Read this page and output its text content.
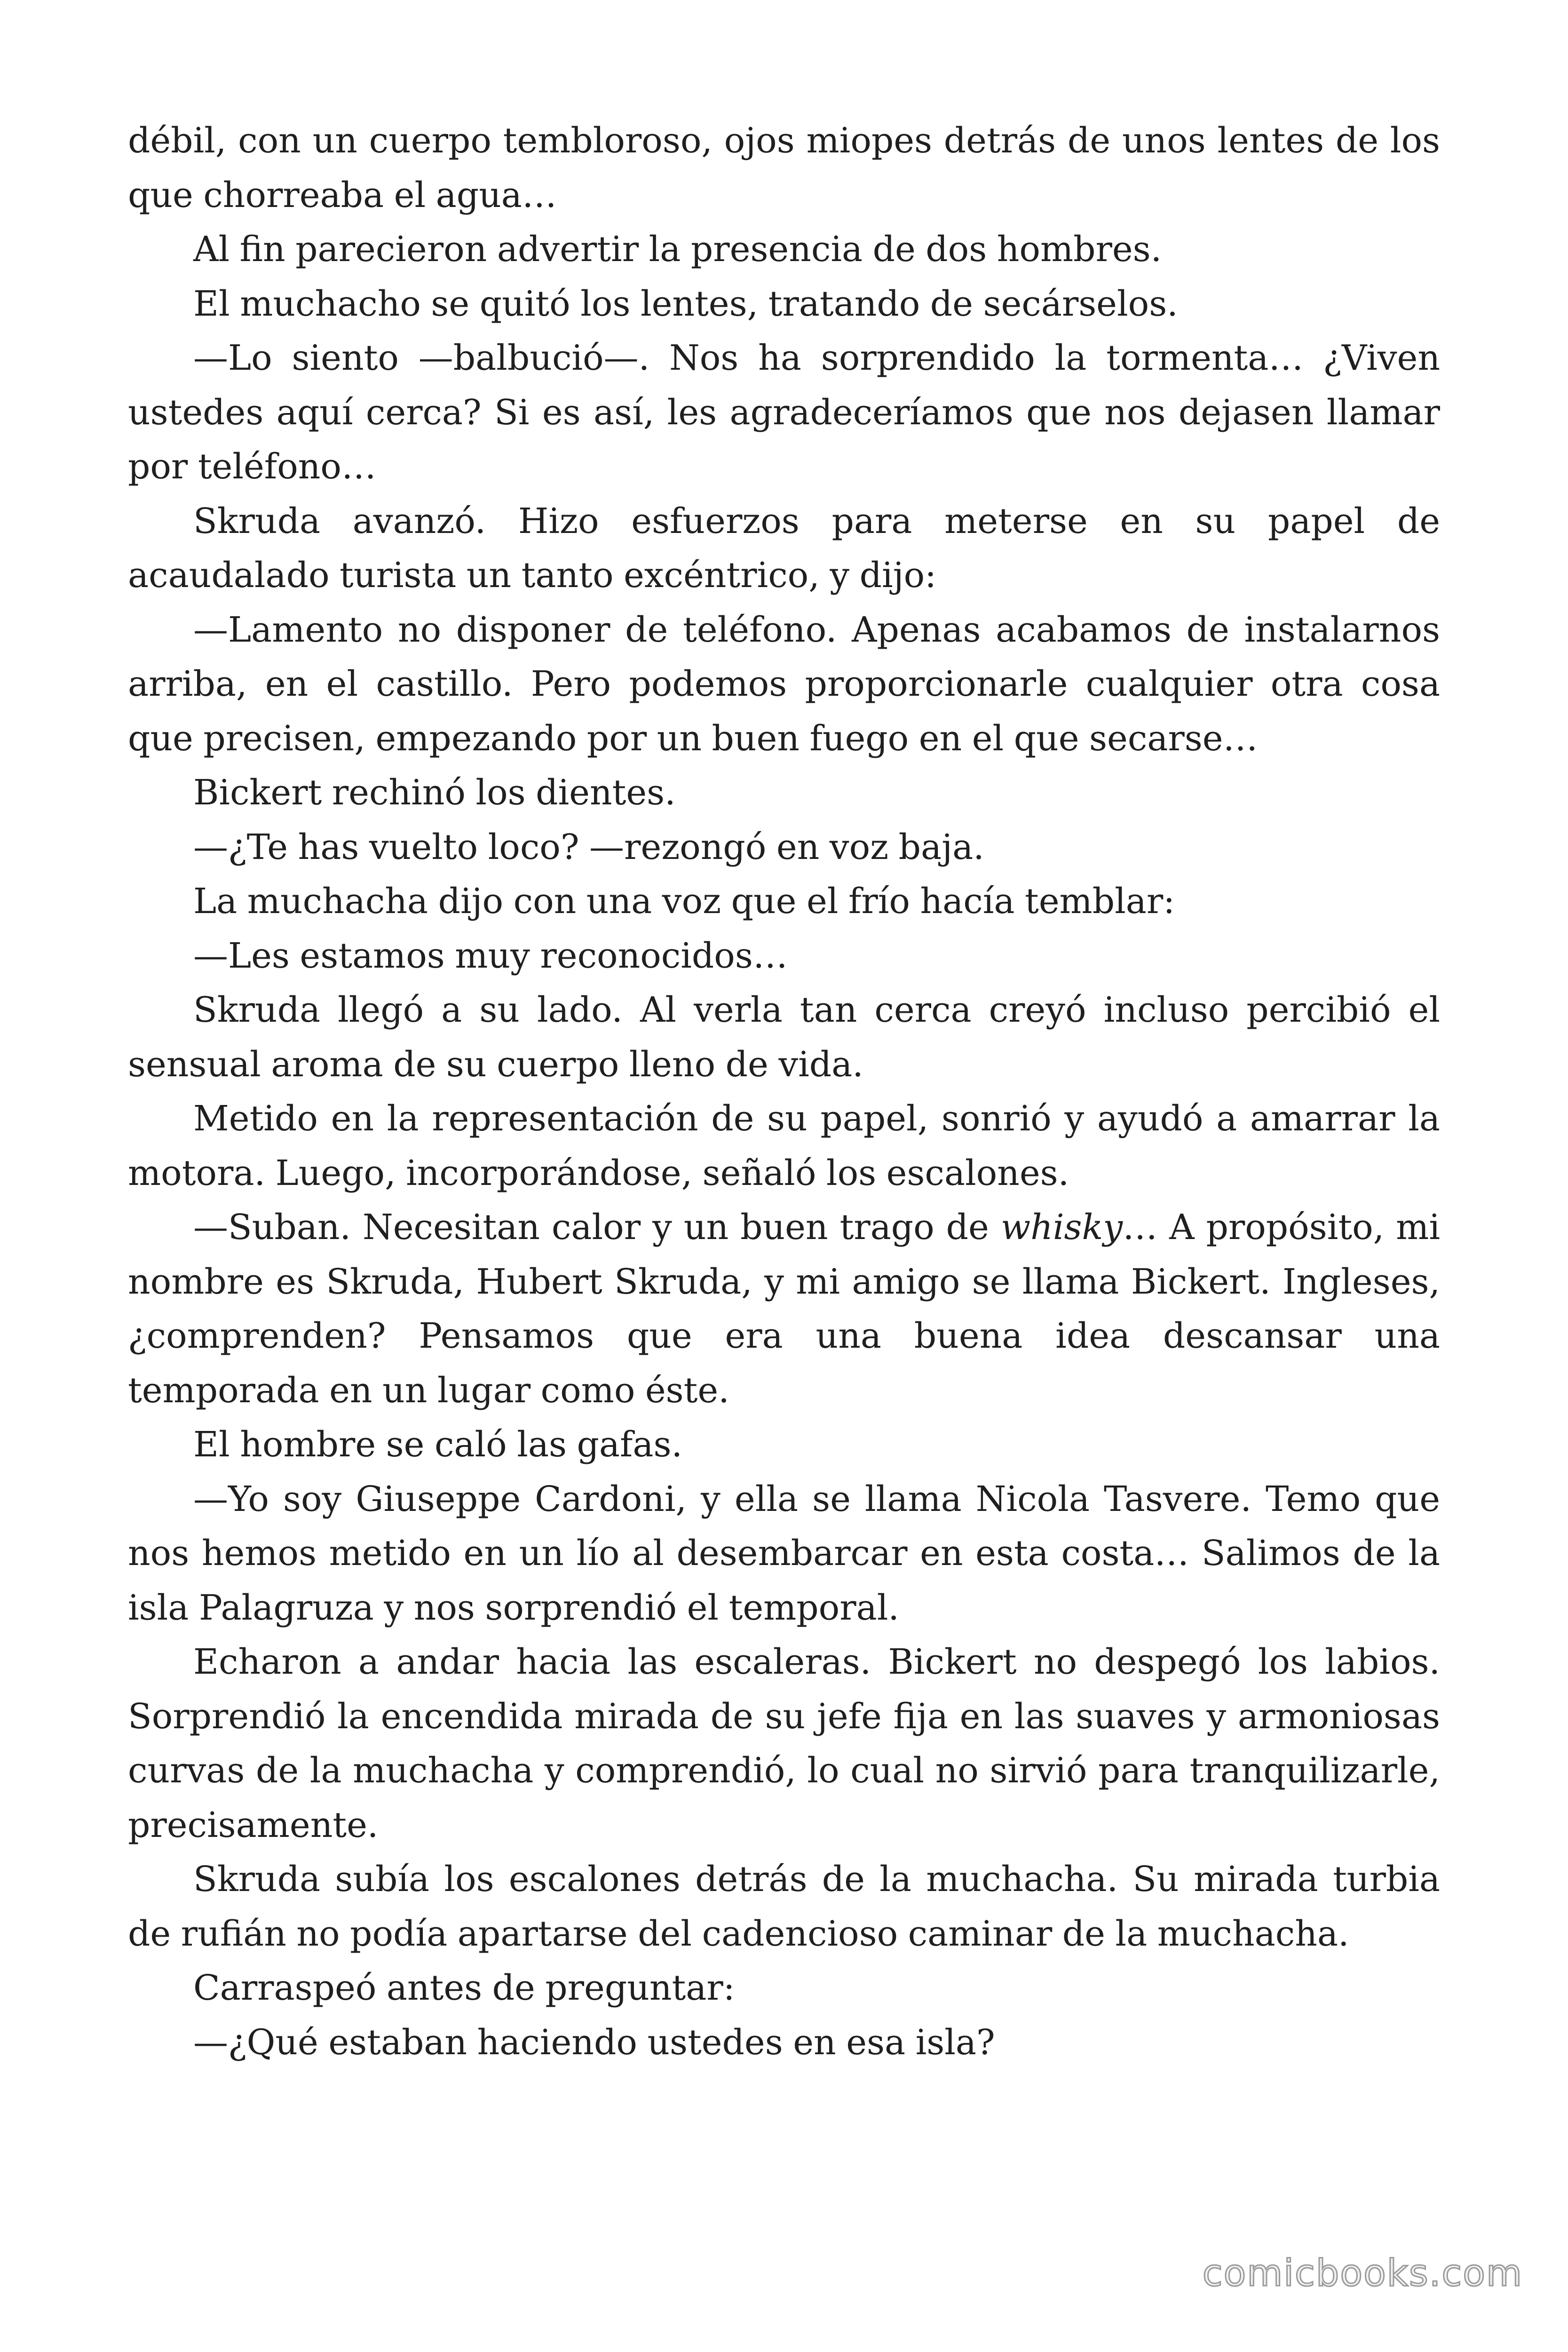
débil, con un cuerpo tembloroso, ojos miopes detrás de unos lentes de los que chorreaba el agua…

Al fin parecieron advertir la presencia de dos hombres.

El muchacho se quitó los lentes, tratando de secárselos.

—Lo siento —balbució—. Nos ha sorprendido la tormenta… ¿Viven ustedes aquí cerca? Si es así, les agradeceríamos que nos dejasen llamar por teléfono…

Skruda avanzó. Hizo esfuerzos para meterse en su papel de acaudalado turista un tanto excéntrico, y dijo:

—Lamento no disponer de teléfono. Apenas acabamos de instalarnos arriba, en el castillo. Pero podemos proporcionarle cualquier otra cosa que precisen, empezando por un buen fuego en el que secarse…

Bickert rechinó los dientes.

—¿Te has vuelto loco? —rezongó en voz baja.

La muchacha dijo con una voz que el frío hacía temblar:

—Les estamos muy reconocidos…

Skruda llegó a su lado. Al verla tan cerca creyó incluso percibió el sensual aroma de su cuerpo lleno de vida.

Metido en la representación de su papel, sonrió y ayudó a amarrar la motora. Luego, incorporándose, señaló los escalones.

—Suban. Necesitan calor y un buen trago de whisky… A propósito, mi nombre es Skruda, Hubert Skruda, y mi amigo se llama Bickert. Ingleses, ¿comprenden? Pensamos que era una buena idea descansar una temporada en un lugar como éste.

El hombre se caló las gafas.

—Yo soy Giuseppe Cardoni, y ella se llama Nicola Tasvere. Temo que nos hemos metido en un lío al desembarcar en esta costa… Salimos de la isla Palagruza y nos sorprendió el temporal.

Echaron a andar hacia las escaleras. Bickert no despegó los labios. Sorprendió la encendida mirada de su jefe fija en las suaves y armoniosas curvas de la muchacha y comprendió, lo cual no sirvió para tranquilizarle, precisamente.

Skruda subía los escalones detrás de la muchacha. Su mirada turbia de rufián no podía apartarse del cadencioso caminar de la muchacha.

Carraspeó antes de preguntar:

—¿Qué estaban haciendo ustedes en esa isla?

comicbooks.com
